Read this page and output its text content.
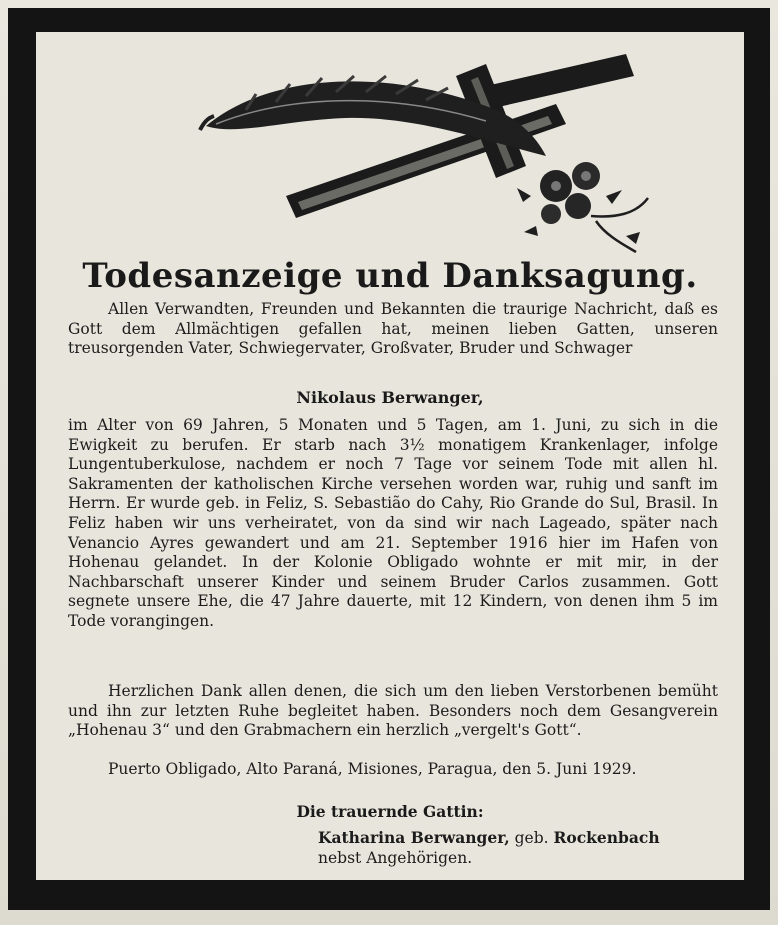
Todesanzeige und Danksagung.

Allen Verwandten, Freunden und Bekannten die traurige Nachricht, daß es Gott dem Allmächtigen gefallen hat, meinen lieben Gatten, unseren treusorgenden Vater, Schwiegervater, Großvater, Bruder und Schwager

Nikolaus Berwanger,

im Alter von 69 Jahren, 5 Monaten und 5 Tagen, am 1. Juni, zu sich in die Ewigkeit zu berufen. Er starb nach 3½ monatigem Krankenlager, infolge Lungentuberkulose, nachdem er noch 7 Tage vor seinem Tode mit allen hl. Sakramenten der katholischen Kirche versehen worden war, ruhig und sanft im Herrn. Er wurde geb. in Feliz, S. Sebastião do Cahy, Rio Grande do Sul, Brasil. In Feliz haben wir uns verheiratet, von da sind wir nach Lageado, später nach Venancio Ayres gewandert und am 21. September 1916 hier im Hafen von Hohenau gelandet. In der Kolonie Obligado wohnte er mit mir, in der Nachbarschaft unserer Kinder und seinem Bruder Carlos zusammen. Gott segnete unsere Ehe, die 47 Jahre dauerte, mit 12 Kindern, von denen ihm 5 im Tode vorangingen.

Herzlichen Dank allen denen, die sich um den lieben Verstorbenen bemüht und ihn zur letzten Ruhe begleitet haben. Besonders noch dem Gesangverein „Hohenau 3“ und den Grabmachern ein herzlich „vergelt's Gott“.

Puerto Obligado, Alto Paraná, Misiones, Paragua, den 5. Juni 1929.

Die trauernde Gattin:

Katharina Berwanger, geb. Rockenbach
nebst Angehörigen.
